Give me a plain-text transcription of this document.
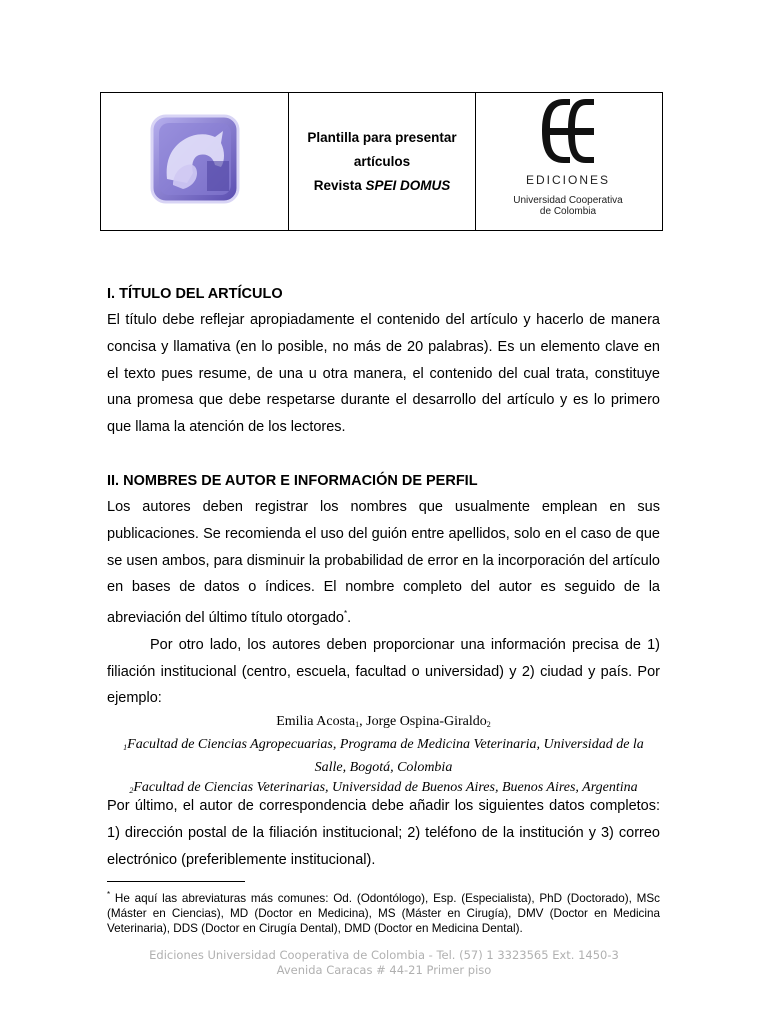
Plantilla para presentar
artículos
Revista SPEI DOMUS	EDICIONES
Universidad Cooperativa
de Colombia
I. TÍTULO DEL ARTÍCULO

El título debe reflejar apropiadamente el contenido del artículo y hacerlo de manera concisa y llamativa (en lo posible, no más de 20 palabras). Es un elemento clave en el texto pues resume, de una u otra manera, el contenido del cual trata, constituye una promesa que debe respetarse durante el desarrollo del artículo y es lo primero que llama la atención de los lectores.

II. NOMBRES DE AUTOR E INFORMACIÓN DE PERFIL

Los autores deben registrar los nombres que usualmente emplean en sus publicaciones. Se recomienda el uso del guión entre apellidos, solo en el caso de que se usen ambos, para disminuir la probabilidad de error en la incorporación del artículo en bases de datos o índices. El nombre completo del autor es seguido de la abreviación del último título otorgado*.

Por otro lado, los autores deben proporcionar una información precisa de 1) filiación institucional (centro, escuela, facultad o universidad) y 2) ciudad y país. Por ejemplo:

Emilia Acosta$_1$, Jorge Ospina-Giraldo$_2$
$_1$Facultad de Ciencias Agropecuarias, Programa de Medicina Veterinaria, Universidad de la Salle, Bogotá, Colombia
$_2$Facultad de Ciencias Veterinarias, Universidad de Buenos Aires, Buenos Aires, Argentina

Por último, el autor de correspondencia debe añadir los siguientes datos completos: 1) dirección postal de la filiación institucional; 2) teléfono de la institución y 3) correo electrónico (preferiblemente institucional).

* He aquí las abreviaturas más comunes: Od. (Odontólogo), Esp. (Especialista), PhD (Doctorado), MSc (Máster en Ciencias), MD (Doctor en Medicina), MS (Máster en Cirugía), DMV (Doctor en Medicina Veterinaria), DDS (Doctor en Cirugía Dental), DMD (Doctor en Medicina Dental).
Ediciones Universidad Cooperativa de Colombia - Tel. (57) 1 3323565 Ext. 1450-3
Avenida Caracas # 44-21 Primer piso
